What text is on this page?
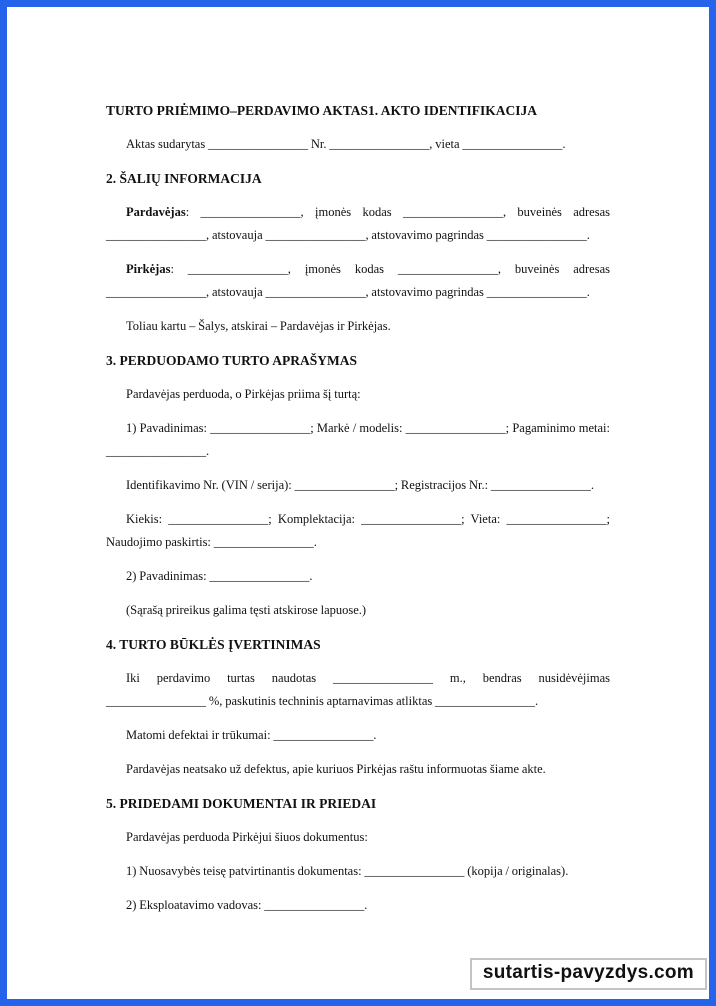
TURTO PRIĖMIMO–PERDAVIMO AKTAS1. AKTO IDENTIFIKACIJA
Aktas sudarytas ________________ Nr. ________________, vieta ________________.
2. ŠALIŲ INFORMACIJA
Pardavėjas: ________________, įmonės kodas ________________, buveinės adresas ________________, atstovauja ________________, atstovavimo pagrindas ________________.
Pirkėjas: ________________, įmonės kodas ________________, buveinės adresas ________________, atstovauja ________________, atstovavimo pagrindas ________________.
Toliau kartu – Šalys, atskirai – Pardavėjas ir Pirkėjas.
3. PERDUODAMO TURTO APRAŠYMAS
Pardavėjas perduoda, o Pirkėjas priima šį turtą:
1) Pavadinimas: ________________; Markė / modelis: ________________; Pagaminimo metai: ________________.
Identifikavimo Nr. (VIN / serija): ________________; Registracijos Nr.: ________________.
Kiekis: ________________; Komplektacija: ________________; Vieta: ________________; Naudojimo paskirtis: ________________.
2) Pavadinimas: ________________.
(Sąrašą prireikus galima tęsti atskirose lapuose.)
4. TURTO BŪKLĖS ĮVERTINIMAS
Iki perdavimo turtas naudotas ________________ m., bendras nusidėvėjimas ________________ %, paskutinis techninis aptarnavimas atliktas ________________.
Matomi defektai ir trūkumai: ________________.
Pardavėjas neatsako už defektus, apie kuriuos Pirkėjas raštu informuotas šiame akte.
5. PRIDEDAMI DOKUMENTAI IR PRIEDAI
Pardavėjas perduoda Pirkėjui šiuos dokumentus:
1) Nuosavybės teisę patvirtinantis dokumentas: ________________ (kopija / originalas).
2) Eksploatavimo vadovas: ________________.
sutartis-pavyzdys.com
